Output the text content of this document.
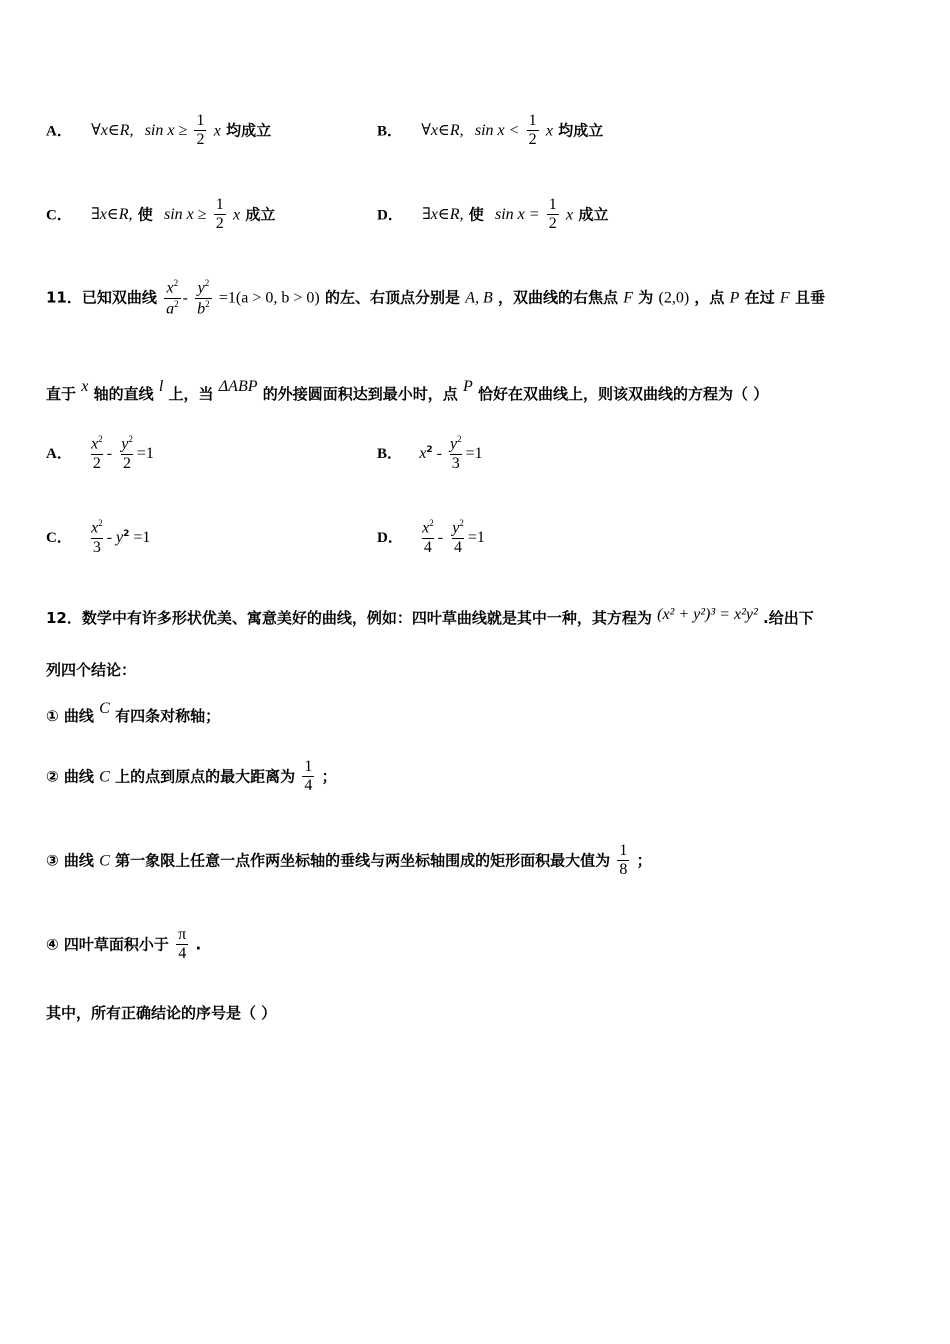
A． ∀x∈R, $\sin x \ge \frac{1}{2}$ x 均成立	B． ∀x∈R, $\sin x < \frac{1}{2}$ x 均成立
C． ∃x∈R, 使 $\sin x \ge \frac{1}{2}$ x 成立	D． ∃x∈R, 使 $\sin x = \frac{1}{2}$ x 成立
11．已知双曲线 $\frac{x^2}{a^2} - \frac{y^2}{b^2} =1(a > 0$, b > 0) 的左、右顶点分别是 A, B ，双曲线的右焦点 F 为 (2,0) ，点 P 在过 F 且垂
直于 x 轴的直线 l 上，当 ΔABP 的外接圆面积达到最小时，点 P 恰好在双曲线上，则该双曲线的方程为（ ）
A． $\frac{x^2}{2} - \frac{y^2}{2} =1$	B． $x^2 - \frac{y^2}{3} =1$
C． $\frac{x^2}{3} - y^2 =1$	D． $\frac{x^2}{4} - \frac{y^2}{4} =1$
12．数学中有许多形状优美、寓意美好的曲线，例如：四叶草曲线就是其中一种，其方程为 (x² + y²)³ = x²y² .给出下
列四个结论：
① 曲线 C 有四条对称轴；
② 曲线 C 上的点到原点的最大距离为 $\frac{1}{4}$ ；
③ 曲线 C 第一象限上任意一点作两坐标轴的垂线与两坐标轴围成的矩形面积最大值为 $\frac{1}{8}$ ；
④ 四叶草面积小于 $\frac{\pi}{4}$ .
其中，所有正确结论的序号是（ ）
